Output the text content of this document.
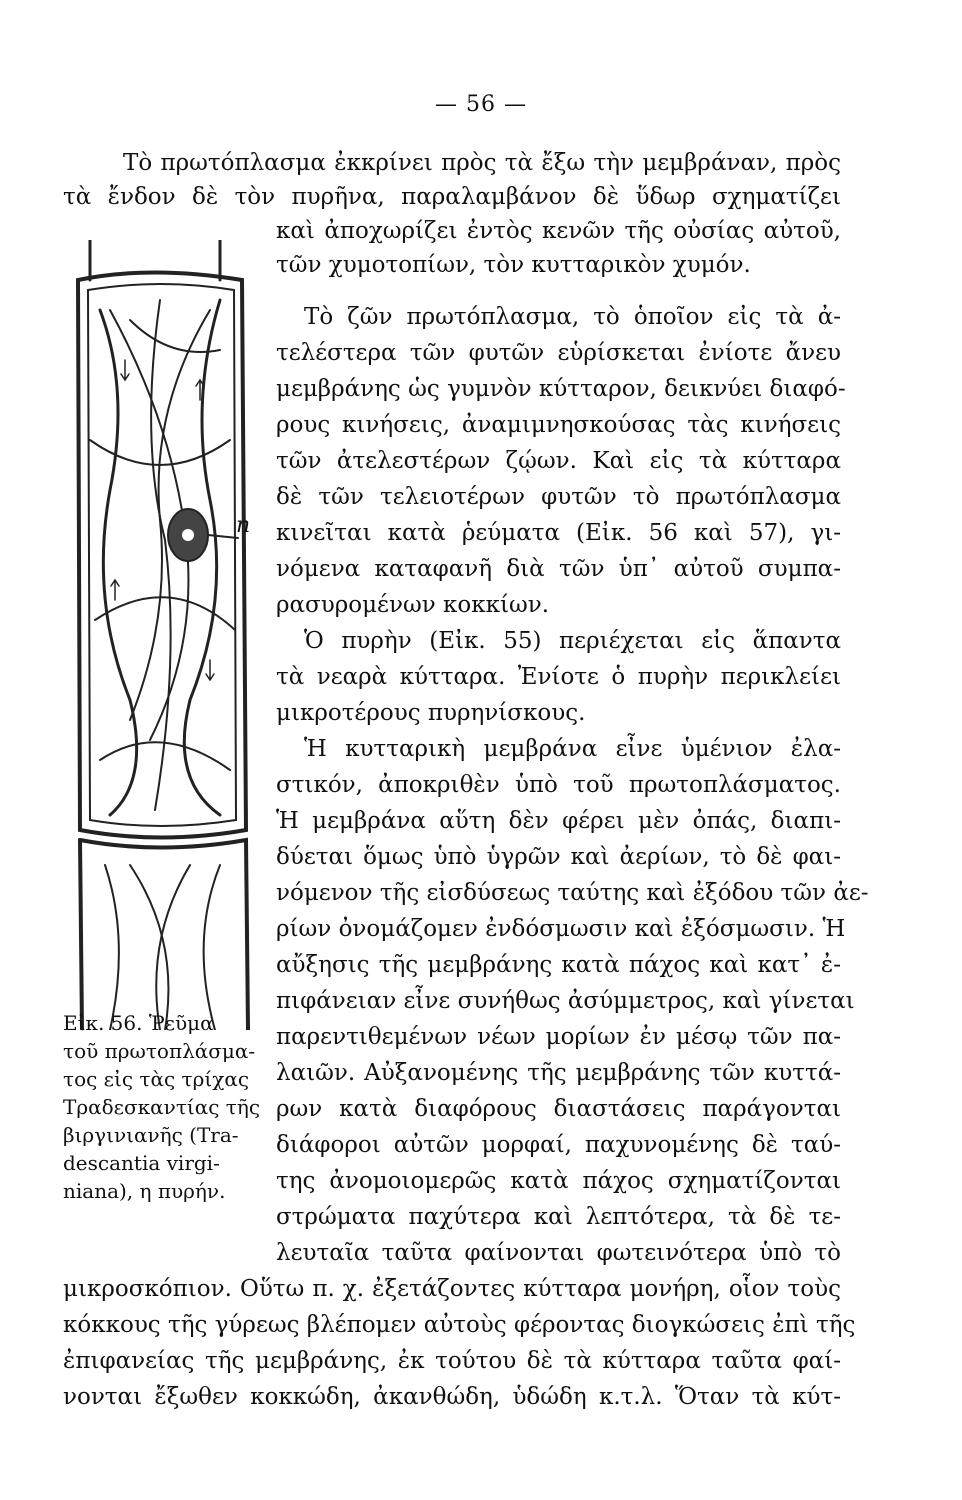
— 56 —
n
Εἰκ. 56. Ῥεῦμα
τοῦ πρωτοπλάσμα-
τος εἰς τὰς τρίχας
Τραδεσκαντίας τῆς
βιργινιανῆς (Tra-
descantia virgi-
niana), η πυρήν.

Τὸ πρωτόπλασμα ἐκκρίνει πρὸς τὰ ἔξω τὴν μεμβράναν, πρὸς

τὰ ἔνδον δὲ τὸν πυρῆνα, παραλαμβάνον δὲ ὕδωρ σχηματίζει

καὶ ἀποχωρίζει ἐντὸς κενῶν τῆς οὐσίας αὐτοῦ,

τῶν χυμοτοπίων, τὸν κυτταρικὸν χυμόν.

Τὸ ζῶν πρωτόπλασμα, τὸ ὁποῖον εἰς τὰ ἀ-

τελέστερα τῶν φυτῶν εὑρίσκεται ἐνίοτε ἄνευ

μεμβράνης ὡς γυμνὸν κύτταρον, δεικνύει διαφό-

ρους κινήσεις, ἀναμιμνησκούσας τὰς κινήσεις

τῶν ἀτελεστέρων ζῴων. Καὶ εἰς τὰ κύτταρα

δὲ τῶν τελειοτέρων φυτῶν τὸ πρωτόπλασμα

κινεῖται κατὰ ῥεύματα (Εἰκ. 56 καὶ 57), γι-

νόμενα καταφανῆ διὰ τῶν ὑπ᾽ αὐτοῦ συμπα-

ρασυρομένων κοκκίων.

Ὁ πυρὴν (Εἰκ. 55) περιέχεται εἰς ἅπαντα

τὰ νεαρὰ κύτταρα. Ἐνίοτε ὁ πυρὴν περικλείει

μικροτέρους πυρηνίσκους.

Ἡ κυτταρικὴ μεμβράνα εἶνε ὑμένιον ἐλα-

στικόν, ἀποκριθὲν ὑπὸ τοῦ πρωτοπλάσματος.

Ἡ μεμβράνα αὕτη δὲν φέρει μὲν ὀπάς, διαπι-

δύεται ὅμως ὑπὸ ὑγρῶν καὶ ἀερίων, τὸ δὲ φαι-

νόμενον τῆς εἰσδύσεως ταύτης καὶ ἐξόδου τῶν ἀε-

ρίων ὀνομάζομεν ἐνδόσμωσιν καὶ ἐξόσμωσιν. Ἡ

αὔξησις τῆς μεμβράνης κατὰ πάχος καὶ κατ᾽ ἐ-

πιφάνειαν εἶνε συνήθως ἀσύμμετρος, καὶ γίνεται

παρεντιθεμένων νέων μορίων ἐν μέσῳ τῶν πα-

λαιῶν. Αὐξανομένης τῆς μεμβράνης τῶν κυττά-

ρων κατὰ διαφόρους διαστάσεις παράγονται

διάφοροι αὐτῶν μορφαί, παχυνομένης δὲ ταύ-

της ἀνομοιομερῶς κατὰ πάχος σχηματίζονται

στρώματα παχύτερα καὶ λεπτότερα, τὰ δὲ τε-

λευταῖα ταῦτα φαίνονται φωτεινότερα ὑπὸ τὸ

μικροσκόπιον. Οὕτω π. χ. ἐξετάζοντες κύτταρα μονήρη, οἷον τοὺς

κόκκους τῆς γύρεως βλέπομεν αὐτοὺς φέροντας διογκώσεις ἐπὶ τῆς

ἐπιφανείας τῆς μεμβράνης, ἐκ τούτου δὲ τὰ κύτταρα ταῦτα φαί-

νονται ἔξωθεν κοκκώδη, ἀκανθώδη, ὑδώδη κ.τ.λ. Ὅταν τὰ κύτ-
